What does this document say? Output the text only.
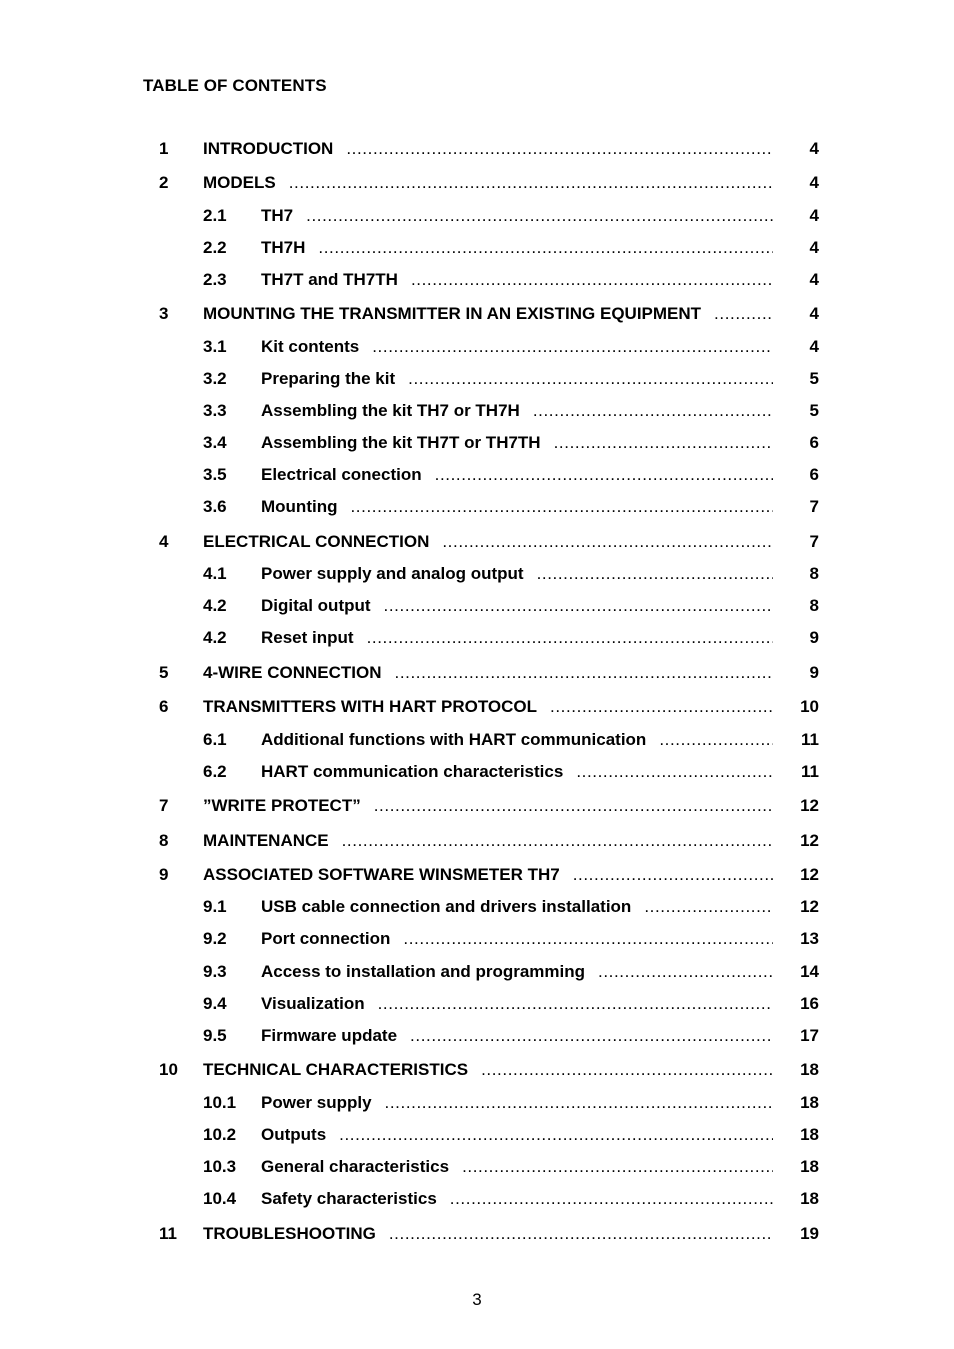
TABLE OF CONTENTS
1 INTRODUCTION .....	4
2 MODELS .....	4
2.1 TH7 .....	4
2.2 TH7H .....	4
2.3 TH7T and TH7TH .....	4
3 MOUNTING THE TRANSMITTER IN AN EXISTING EQUIPMENT .....	4
3.1 Kit contents .....	4
3.2 Preparing the kit .....	5
3.3 Assembling the kit TH7 or TH7H .....	5
3.4 Assembling the kit TH7T or TH7TH .....	6
3.5 Electrical conection .....	6
3.6 Mounting .....	7
4 ELECTRICAL CONNECTION .....	7
4.1 Power supply and analog output .....	8
4.2 Digital output .....	8
4.2 Reset input .....	9
5 4-WIRE CONNECTION .....	9
6 TRANSMITTERS WITH HART PROTOCOL .....	10
6.1 Additional functions with HART communication .....	11
6.2 HART communication characteristics .....	11
7 ”WRITE PROTECT” .....	12
8 MAINTENANCE .....	12
9 ASSOCIATED SOFTWARE WINSMETER TH7 .....	12
9.1 USB cable connection and drivers installation .....	12
9.2 Port connection .....	13
9.3 Access to installation and programming .....	14
9.4 Visualization .....	16
9.5 Firmware update .....	17
10 TECHNICAL CHARACTERISTICS .....	18
10.1 Power supply .....	18
10.2 Outputs .....	18
10.3 General characteristics .....	18
10.4 Safety characteristics .....	18
11 TROUBLESHOOTING .....	19
3
